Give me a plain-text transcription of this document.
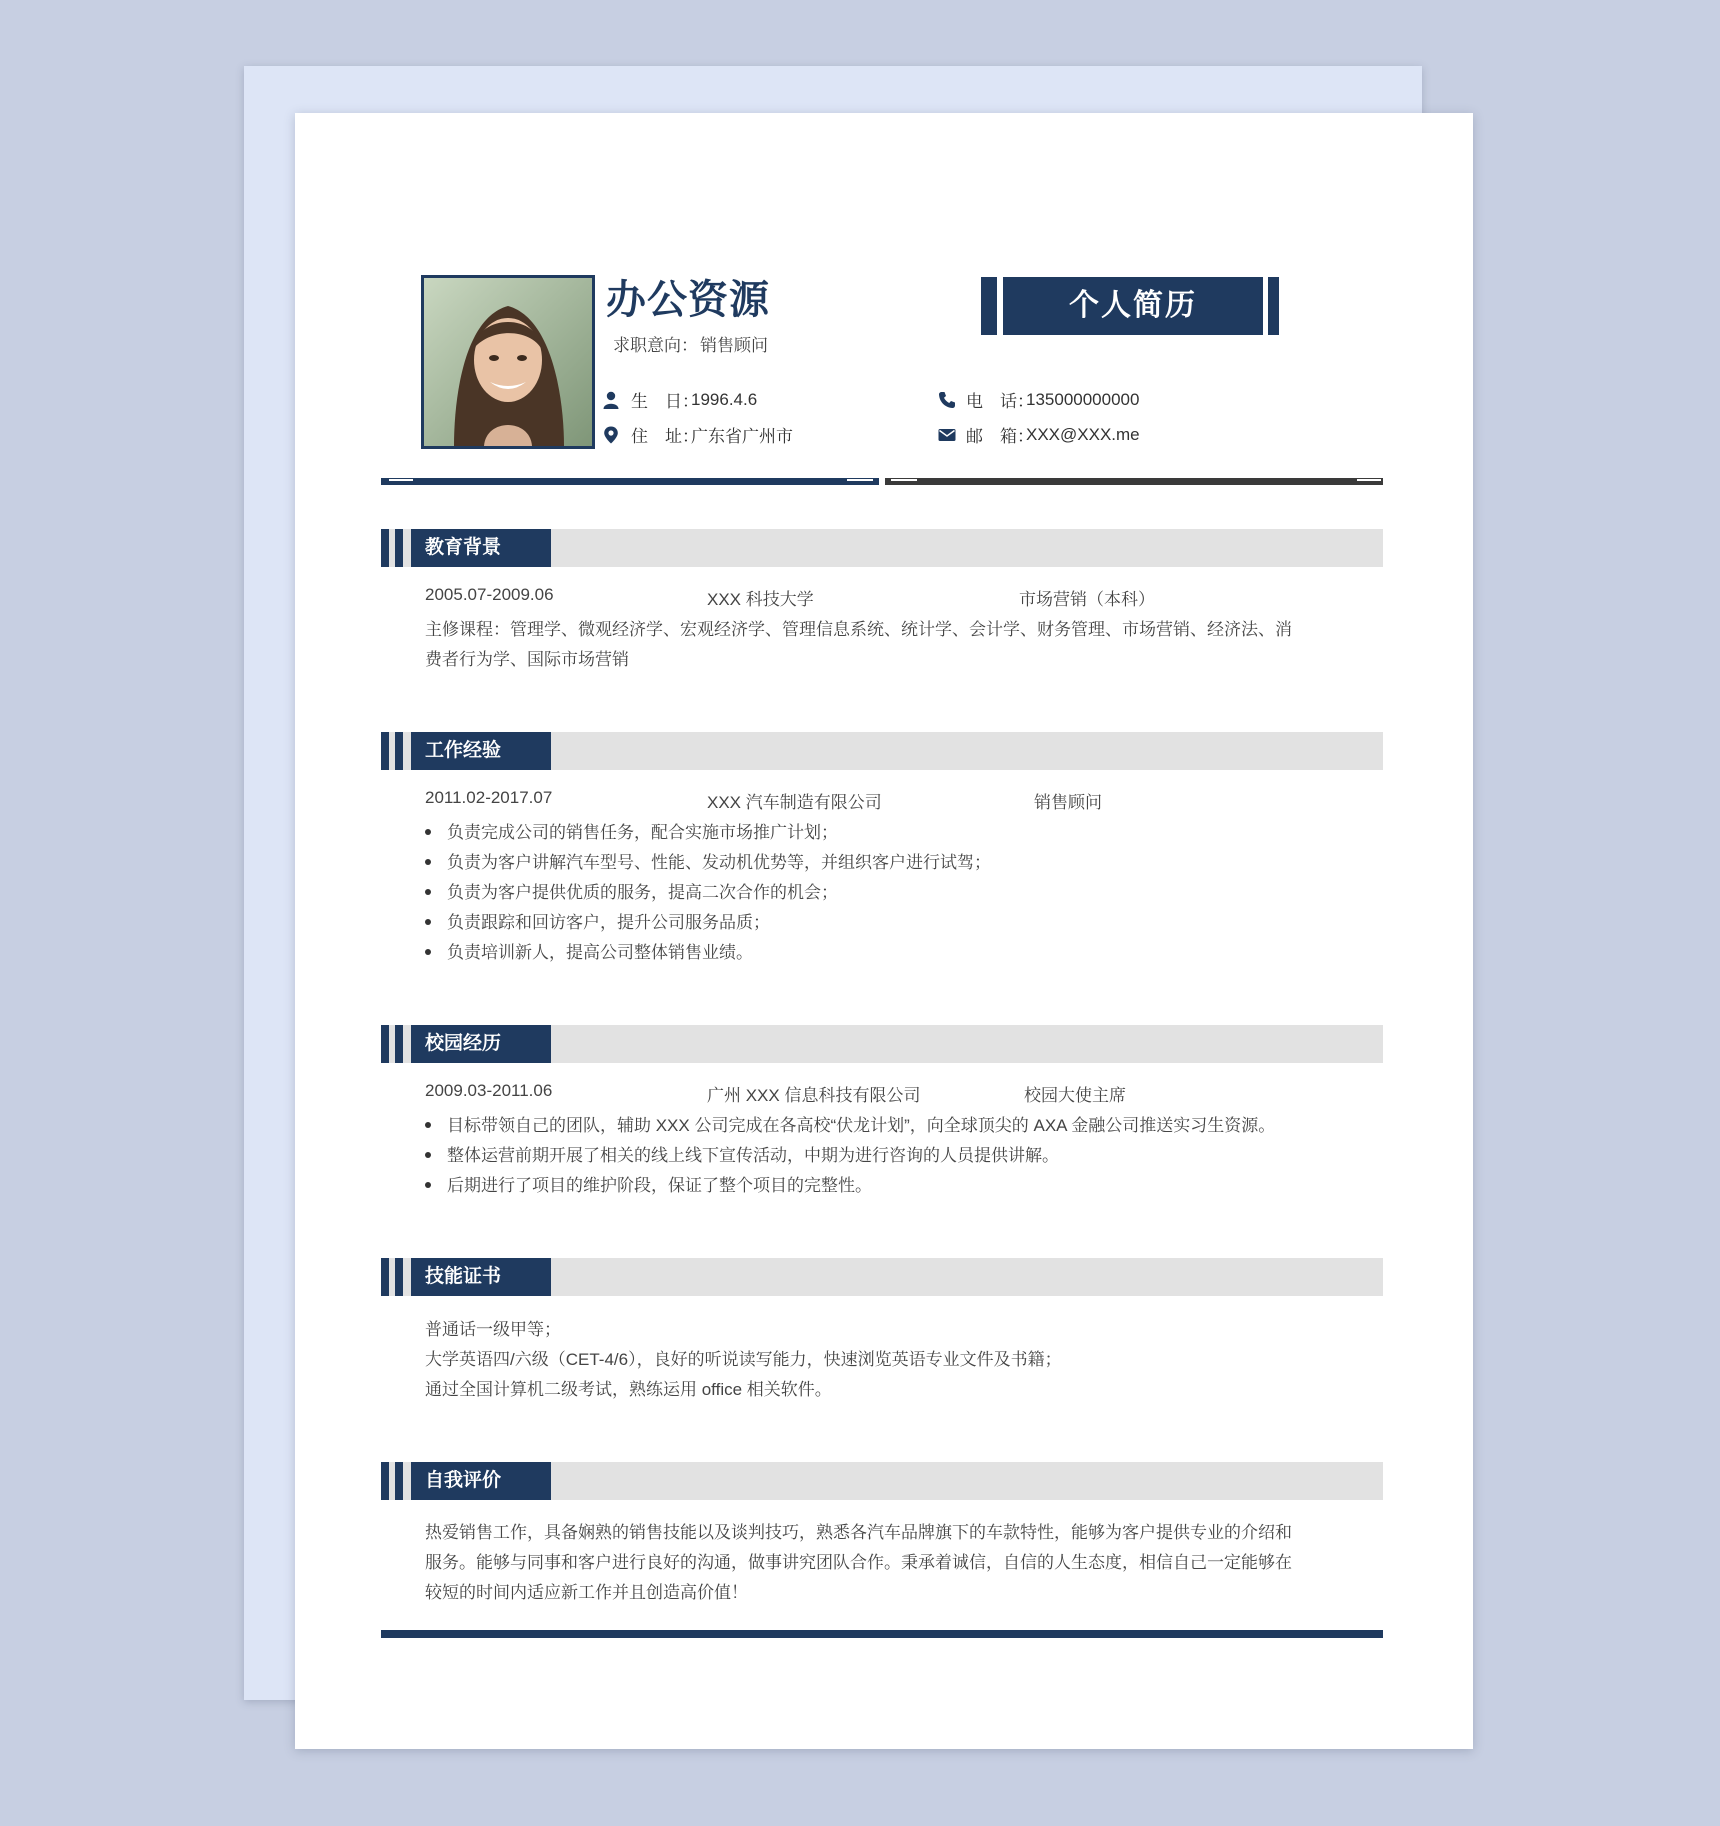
办公资源
求职意向： 销售顾问
个人简历
生　日：
1996.4.6
住　址：
广东省广州市
电　话：
135000000000
邮　箱：
XXX@XXX.me
教育背景
2005.07-2009.06	XXX 科技大学	市场营销（本科）
主修课程：管理学、微观经济学、宏观经济学、管理信息系统、统计学、会计学、财务管理、市场营销、经济法、消
费者行为学、国际市场营销
工作经验
2011.02-2017.07	XXX 汽车制造有限公司	销售顾问
负责完成公司的销售任务，配合实施市场推广计划；
负责为客户讲解汽车型号、性能、发动机优势等，并组织客户进行试驾；
负责为客户提供优质的服务，提高二次合作的机会；
负责跟踪和回访客户，提升公司服务品质；
负责培训新人，提高公司整体销售业绩。
校园经历
2009.03-2011.06	广州 XXX 信息科技有限公司	校园大使主席
目标带领自己的团队，辅助 XXX 公司完成在各高校“伏龙计划”，向全球顶尖的 AXA 金融公司推送实习生资源。
整体运营前期开展了相关的线上线下宣传活动，中期为进行咨询的人员提供讲解。
后期进行了项目的维护阶段，保证了整个项目的完整性。
技能证书
普通话一级甲等；
大学英语四/六级（CET-4/6），良好的听说读写能力，快速浏览英语专业文件及书籍；
通过全国计算机二级考试，熟练运用 office 相关软件。
自我评价
热爱销售工作，具备娴熟的销售技能以及谈判技巧，熟悉各汽车品牌旗下的车款特性，能够为客户提供专业的介绍和
服务。能够与同事和客户进行良好的沟通，做事讲究团队合作。秉承着诚信，自信的人生态度，相信自己一定能够在
较短的时间内适应新工作并且创造高价值！
